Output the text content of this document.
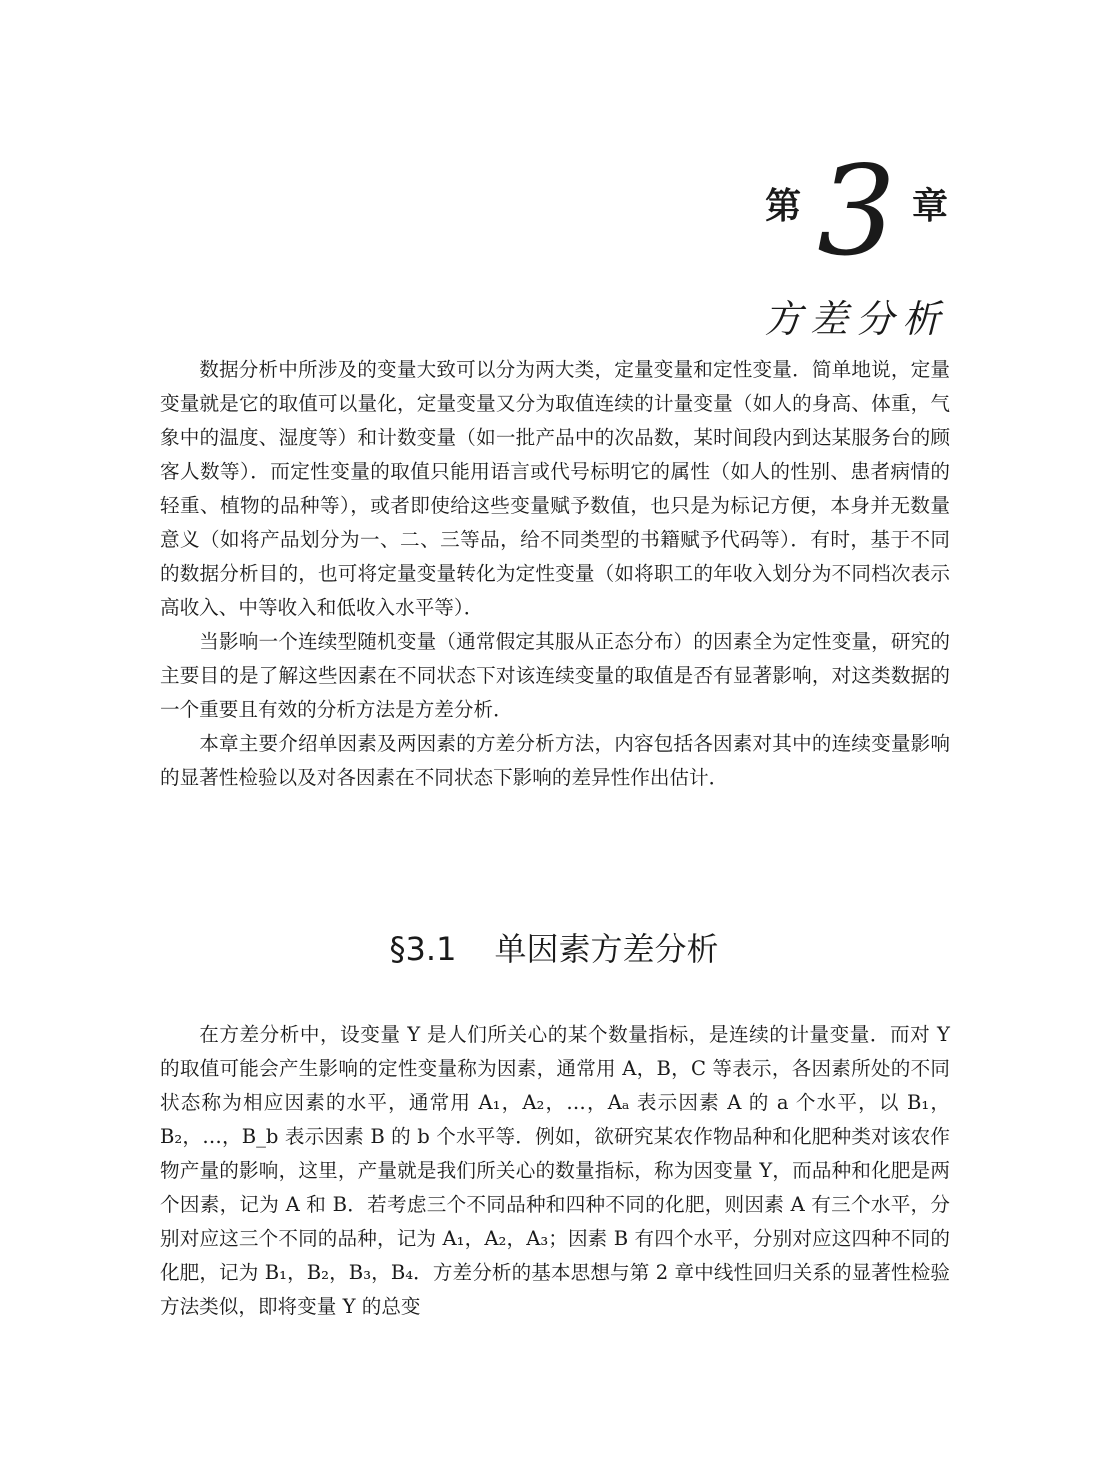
第 3 章
方差分析

数据分析中所涉及的变量大致可以分为两大类，定量变量和定性变量．简单地说，定量变量就是它的取值可以量化，定量变量又分为取值连续的计量变量（如人的身高、体重，气象中的温度、湿度等）和计数变量（如一批产品中的次品数，某时间段内到达某服务台的顾客人数等）．而定性变量的取值只能用语言或代号标明它的属性（如人的性别、患者病情的轻重、植物的品种等），或者即使给这些变量赋予数值，也只是为标记方便，本身并无数量意义（如将产品划分为一、二、三等品，给不同类型的书籍赋予代码等）．有时，基于不同的数据分析目的，也可将定量变量转化为定性变量（如将职工的年收入划分为不同档次表示高收入、中等收入和低收入水平等）．

当影响一个连续型随机变量（通常假定其服从正态分布）的因素全为定性变量，研究的主要目的是了解这些因素在不同状态下对该连续变量的取值是否有显著影响，对这类数据的一个重要且有效的分析方法是方差分析．

本章主要介绍单因素及两因素的方差分析方法，内容包括各因素对其中的连续变量影响的显著性检验以及对各因素在不同状态下影响的差异性作出估计．

§3.1 单因素方差分析

在方差分析中，设变量 Y 是人们所关心的某个数量指标，是连续的计量变量．而对 Y 的取值可能会产生影响的定性变量称为因素，通常用 A，B，C 等表示，各因素所处的不同状态称为相应因素的水平，通常用 A₁，A₂，…，Aₐ 表示因素 A 的 a 个水平，以 B₁，B₂，…，B_b 表示因素 B 的 b 个水平等．例如，欲研究某农作物品种和化肥种类对该农作物产量的影响，这里，产量就是我们所关心的数量指标，称为因变量 Y，而品种和化肥是两个因素，记为 A 和 B．若考虑三个不同品种和四种不同的化肥，则因素 A 有三个水平，分别对应这三个不同的品种，记为 A₁，A₂，A₃；因素 B 有四个水平，分别对应这四种不同的化肥，记为 B₁，B₂，B₃，B₄．方差分析的基本思想与第 2 章中线性回归关系的显著性检验方法类似，即将变量 Y 的总变
